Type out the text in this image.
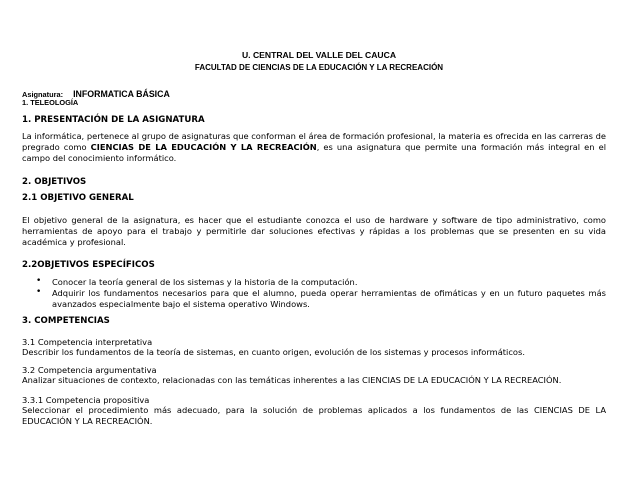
U. CENTRAL DEL VALLE DEL CAUCA
FACULTAD DE CIENCIAS DE LA EDUCACIÓN Y LA RECREACIÓN
Asignatura: INFORMATICA BÁSICA
1. TELEOLOGÍA
1. PRESENTACIÓN DE LA ASIGNATURA
La informática, pertenece al grupo de asignaturas que conforman el área de formación profesional, la materia es ofrecida en las carreras de pregrado como CIENCIAS DE LA EDUCACIÓN Y LA RECREACIÓN, es una asignatura que permite una formación más integral en el campo del conocimiento informático.
2. OBJETIVOS
2.1 OBJETIVO GENERAL
El objetivo general de la asignatura, es hacer que el estudiante conozca el uso de hardware y software de tipo administrativo, como herramientas de apoyo para el trabajo y permitirle dar soluciones efectivas y rápidas a los problemas que se presenten en su vida académica y profesional.
2.2OBJETIVOS ESPECÍFICOS
• Conocer la teoría general de los sistemas y la historia de la computación.
• Adquirir los fundamentos necesarios para que el alumno, pueda operar herramientas de ofimáticas y en un futuro paquetes más avanzados especialmente bajo el sistema operativo Windows.
3. COMPETENCIAS
3.1 Competencia interpretativa
Describir los fundamentos de la teoría de sistemas, en cuanto origen, evolución de los sistemas y procesos informáticos.
3.2 Competencia argumentativa
Analizar situaciones de contexto, relacionadas con las temáticas inherentes a las CIENCIAS DE LA EDUCACIÓN Y LA RECREACIÓN.
3.3.1 Competencia propositiva
Seleccionar el procedimiento más adecuado, para la solución de problemas aplicados a los fundamentos de las CIENCIAS DE LA EDUCACIÓN Y LA RECREACIÓN.
